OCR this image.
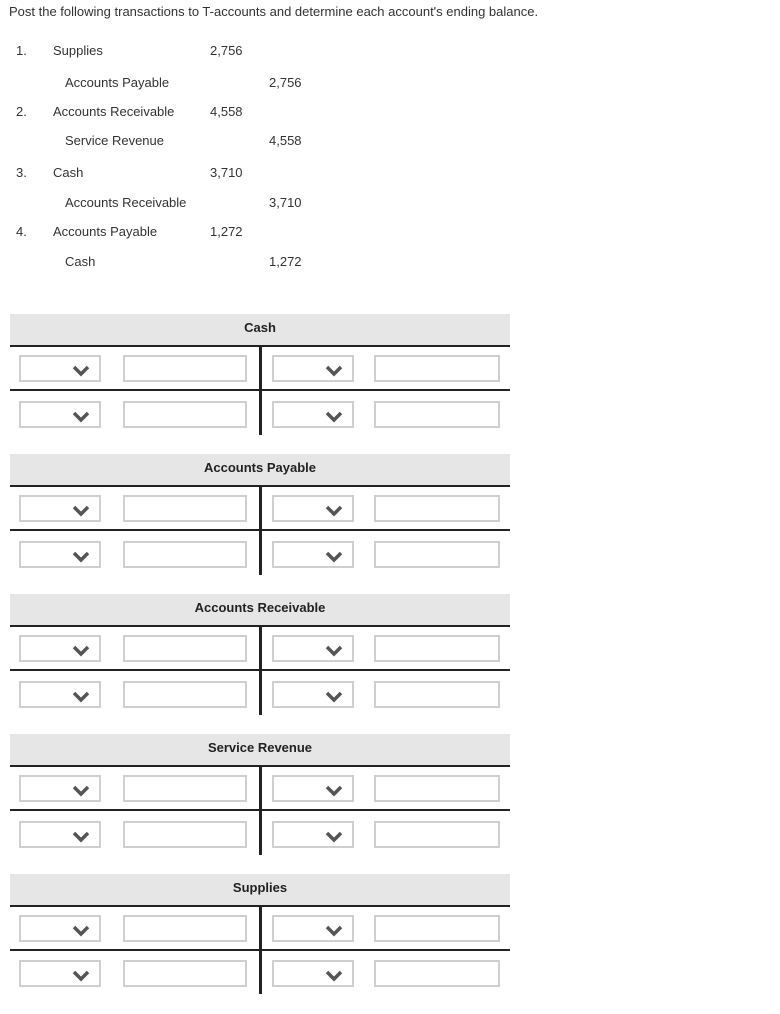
Post the following transactions to T-accounts and determine each account's ending balance.
1. Supplies	2,756
Accounts Payable	2,756
2. Accounts Receivable	4,558
Service Revenue	4,558
3. Cash	3,710
Accounts Receivable	3,710
4. Accounts Payable	1,272
Cash	1,272
Cash
Accounts Payable
Accounts Receivable
Service Revenue
Supplies
